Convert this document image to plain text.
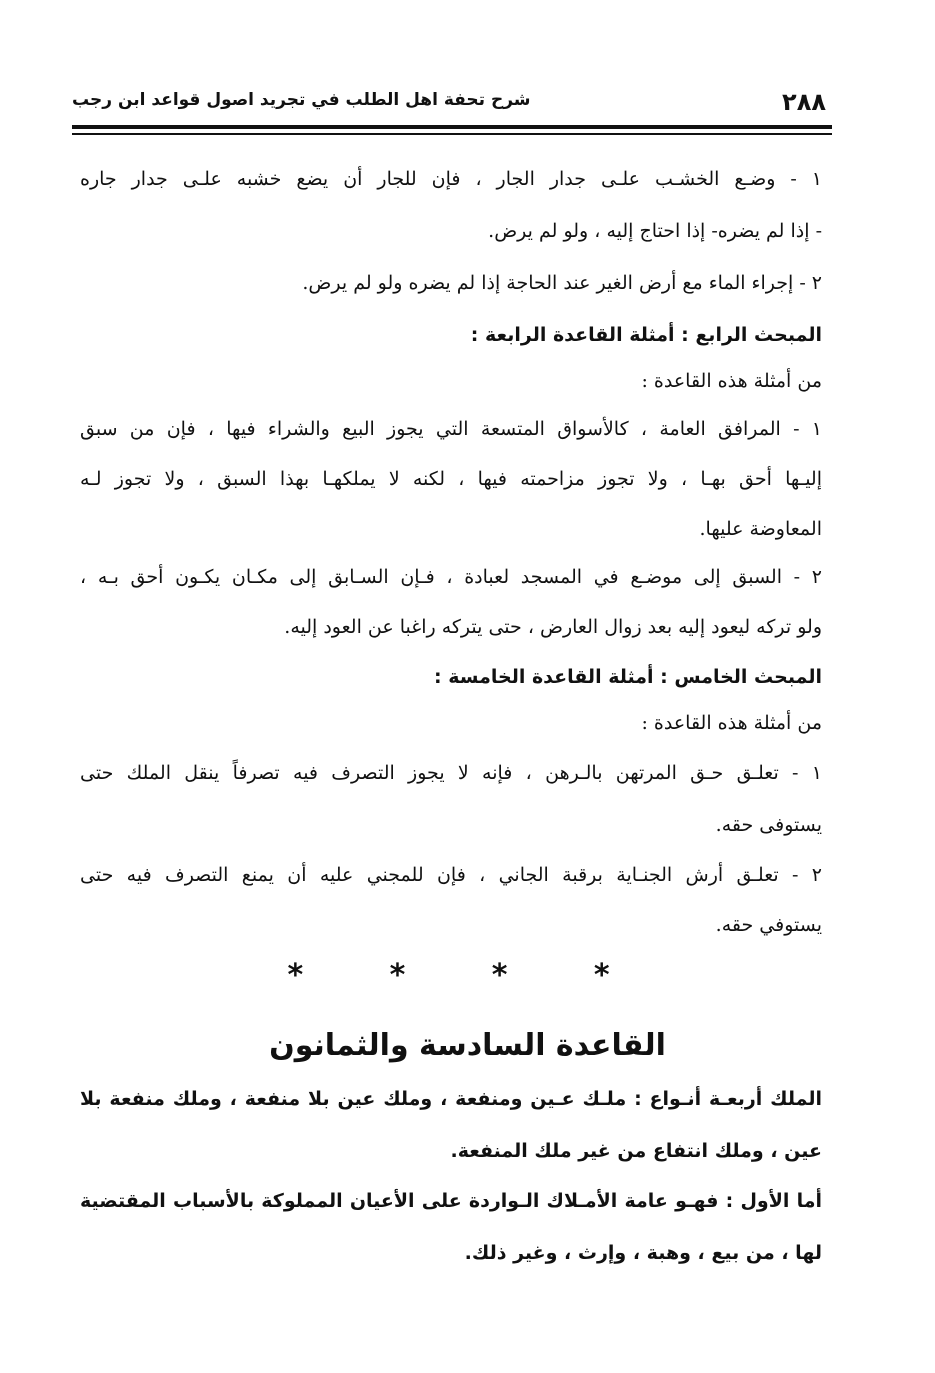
٢٨٨
شرح تحفة اهل الطلب في تجريد اصول قواعد ابن رجب
١ - وضـع الخشـب علـى جدار الجار ، فإن للجار أن يضع خشبه علـى جدار جاره
- إذا لم يضره- إذا احتاج إليه ، ولو لم يرض.
٢ - إجراء الماء مع أرض الغير عند الحاجة إذا لم يضره ولو لم يرض.
المبحث الرابع : أمثلة القاعدة الرابعة :
من أمثلة هذه القاعدة :
١ - المرافق العامة ، كالأسواق المتسعة التي يجوز البيع والشراء فيها ، فإن من سبق
إليـها أحق بهـا ، ولا تجوز مزاحمته فيها ، لكنه لا يملكهـا بهذا السبق ، ولا تجوز لـه
المعاوضة عليها.
٢ - السبق إلى موضـع في المسجد لعبادة ، فـإن السـابق إلى مكـان يكـون أحق بـه ،
ولو تركه ليعود إليه بعد زوال العارض ، حتى يتركه راغبا عن العود إليه.
المبحث الخامس : أمثلة القاعدة الخامسة :
من أمثلة هذه القاعدة :
١ - تعلـق حـق المرتهن بالـرهن ، فإنه لا يجوز التصرف فيه تصرفاً ينقل الملك حتى
يستوفى حقه.
٢ - تعلـق أرش الجنـاية برقبة الجاني ، فإن للمجني عليه أن يمنع التصرف فيه حتى
يستوفي حقه.
الملك أربعـة أنـواع : ملـك عـين ومنفعة ، وملك عين بلا منفعة ، وملك منفعة بلا
عين ، وملك انتفاع من غير ملك المنفعة.
أما الأول : فهـو عامة الأمـلاك الـواردة على الأعيان المملوكة بالأسباب المقتضية
لها ، من بيع ، وهبة ، وإرث ، وغير ذلك.
* * * *
القاعدة السادسة والثمانون
